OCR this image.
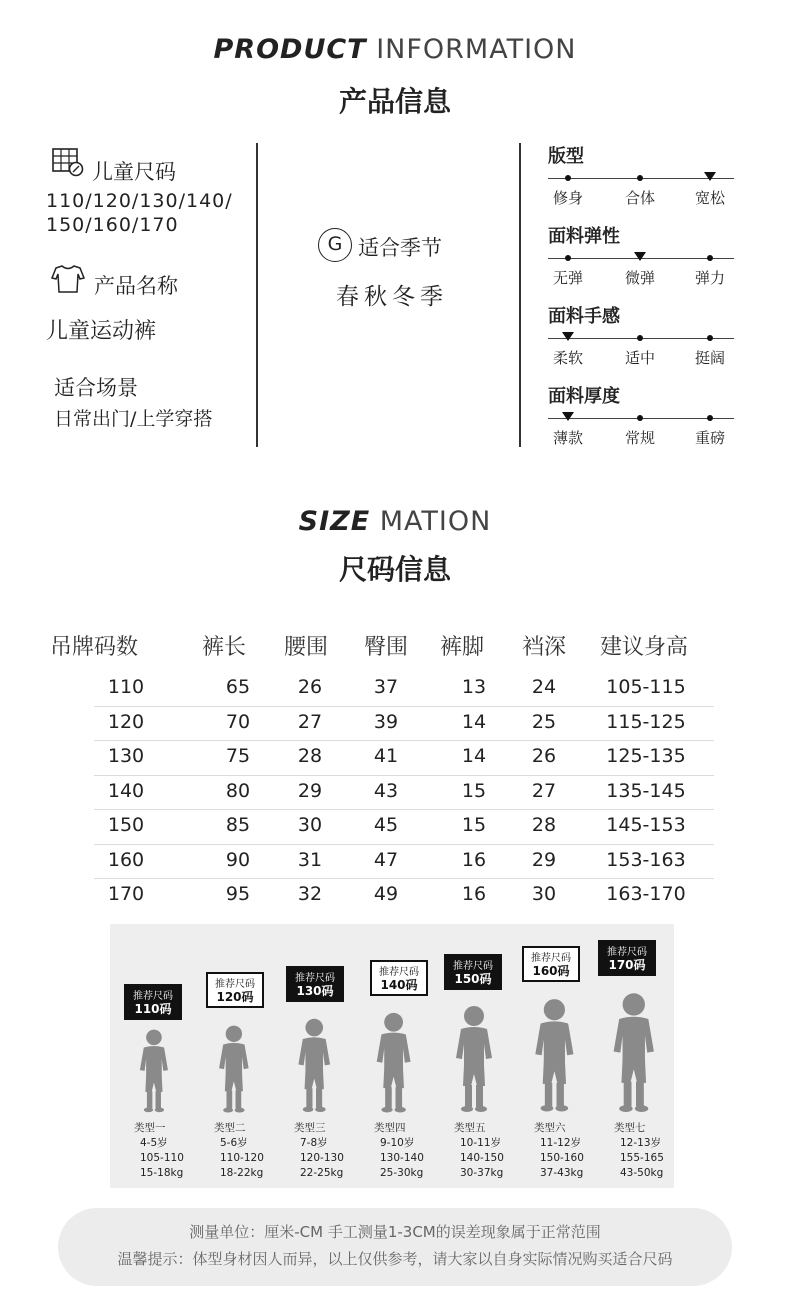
PRODUCT INFORMATION
产品信息
儿童尺码
110/120/130/140/
150/160/170
产品名称
儿童运动裤
适合场景
日常出门/上学穿搭
G 适合季节
春秋冬季
版型
修身	合体	宽松
面料弹性
无弹	微弹	弹力
面料手感
柔软	适中	挺阔
面料厚度
薄款	常规	重磅
SIZE MATION
尺码信息
吊牌码数	裤长	腰围	臀围	裤脚	裆深	建议身高
110	65	26	37	13	24	105-115
120	70	27	39	14	25	115-125
130	75	28	41	14	26	125-135
140	80	29	43	15	27	135-145
150	85	30	45	15	28	145-153
160	90	31	47	16	29	153-163
170	95	32	49	16	30	163-170
推荐尺码
110码
类型一
4-5岁
105-110
15-18kg
推荐尺码
120码
类型二
5-6岁
110-120
18-22kg
推荐尺码
130码
类型三
7-8岁
120-130
22-25kg
推荐尺码
140码
类型四
9-10岁
130-140
25-30kg
推荐尺码
150码
类型五
10-11岁
140-150
30-37kg
推荐尺码
160码
类型六
11-12岁
150-160
37-43kg
推荐尺码
170码
类型七
12-13岁
155-165
43-50kg

测量单位：厘米-CM 手工测量1-3CM的误差现象属于正常范围

温馨提示：体型身材因人而异，以上仅供参考，请大家以自身实际情况购买适合尺码
